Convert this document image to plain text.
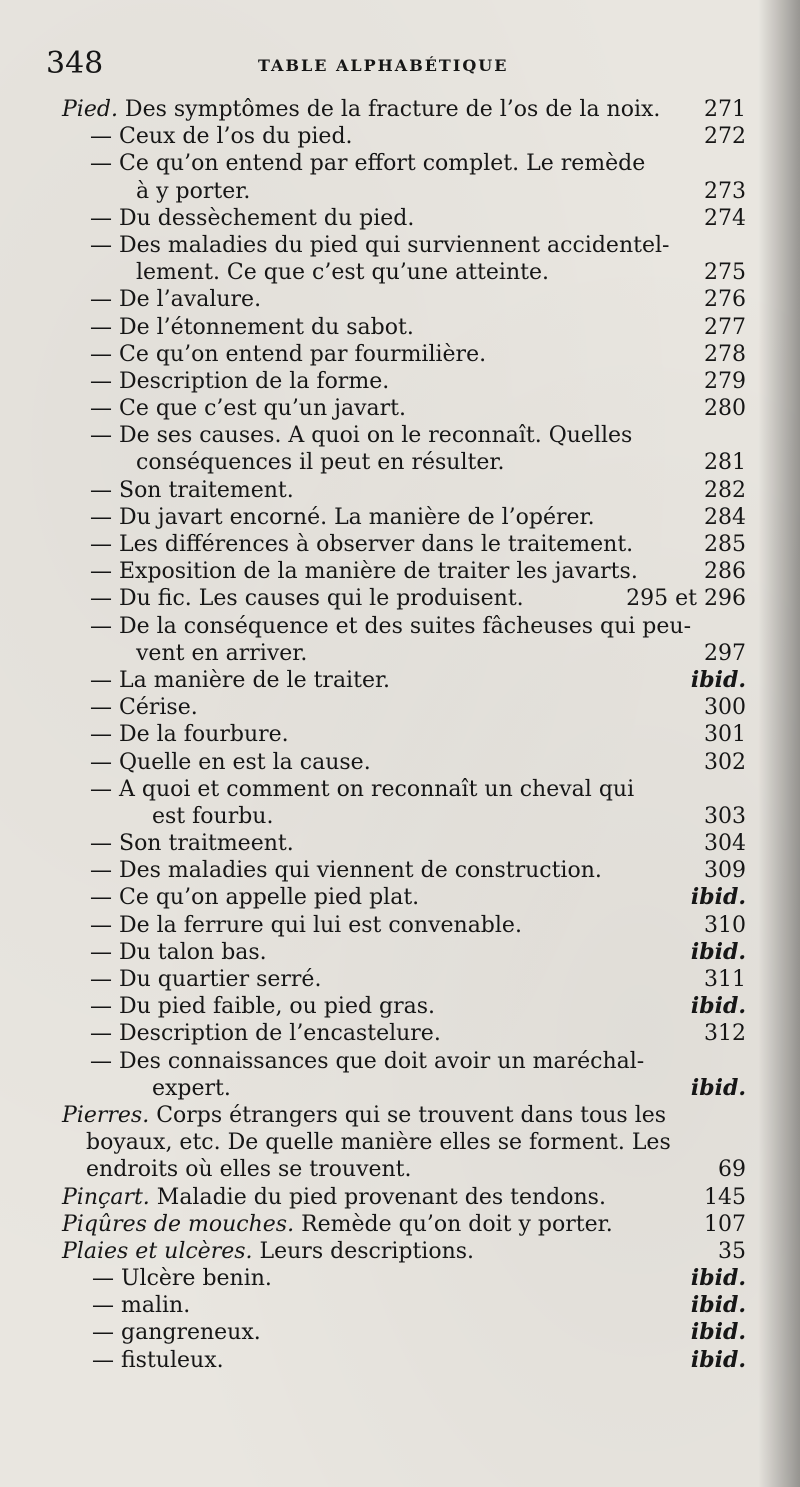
348	TABLE ALPHABÉTIQUE
Pied. Des symptômes de la fracture de l’os de la noix. 271
— Ceux de l’os du pied.	272
— Ce qu’on entend par effort complet. Le remède
à y porter.	273
— Du dessèchement du pied.	274
— Des maladies du pied qui surviennent accidentel-
lement. Ce que c’est qu’une atteinte.	275
— De l’avalure.	276
— De l’étonnement du sabot.	277
— Ce qu’on entend par fourmilière.	278
— Description de la forme.	279
— Ce que c’est qu’un javart.	280
— De ses causes. A quoi on le reconnaît. Quelles
conséquences il peut en résulter.	281
— Son traitement.	282
— Du javart encorné. La manière de l’opérer.	284
— Les différences à observer dans le traitement.	285
— Exposition de la manière de traiter les javarts.	286
— Du fic. Les causes qui le produisent.	295 et 296
— De la conséquence et des suites fâcheuses qui peu-
vent en arriver.	297
— La manière de le traiter.	ibid.
— Cérise.	300
— De la fourbure.	301
— Quelle en est la cause.	302
— A quoi et comment on reconnaît un cheval qui
est fourbu.	303
— Son traitmeent.	304
— Des maladies qui viennent de construction.	309
— Ce qu’on appelle pied plat.	ibid.
— De la ferrure qui lui est convenable.	310
— Du talon bas.	ibid.
— Du quartier serré.	311
— Du pied faible, ou pied gras.	ibid.
— Description de l’encastelure.	312
— Des connaissances que doit avoir un maréchal-
expert.	ibid.
Pierres. Corps étrangers qui se trouvent dans tous les
boyaux, etc. De quelle manière elles se forment. Les
endroits où elles se trouvent.	69
Pinçart. Maladie du pied provenant des tendons.	145
Piqûres de mouches. Remède qu’on doit y porter.	107
Plaies et ulcères. Leurs descriptions.	35
— Ulcère benin.	ibid.
— malin.	ibid.
— gangreneux.	ibid.
— fistuleux.	ibid.
